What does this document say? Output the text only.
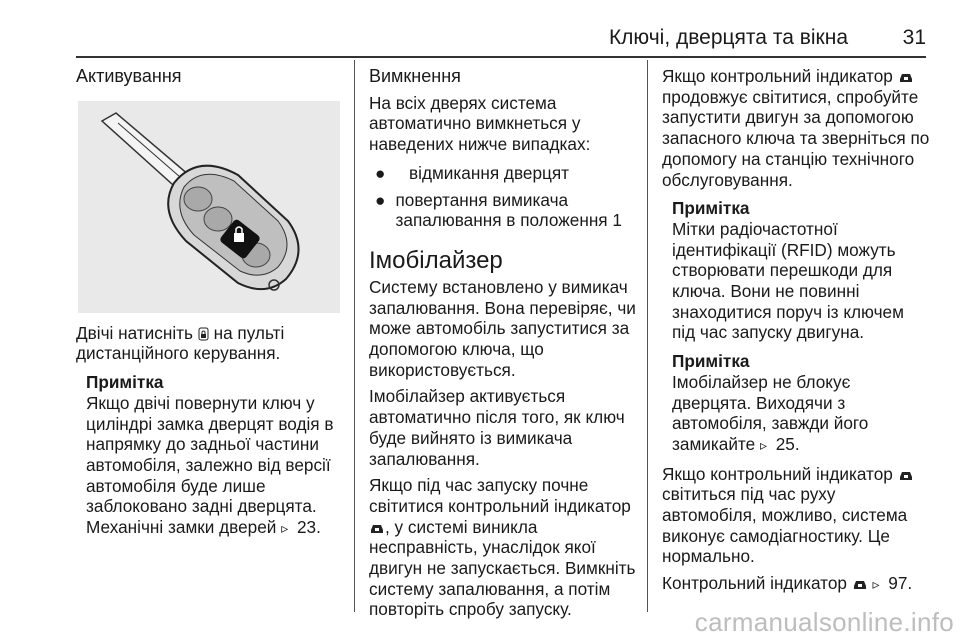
Ключі, дверцята та вікна	31

Активування

Двічі натисніть на пульті дистанційного керування.

Примітка

Якщо двічі повернути ключ у циліндрі замка дверцят водія в напрямку до задньої частини автомобіля, залежно від версії автомобіля буде лише заблоковано задні дверцята. Механічні замки дверей ▹ 23.

Вимкнення

На всіх дверях система автоматично вимкнеться у наведених нижче випадках:

●	відмикання дверцят
● повертання вимикача запалювання в положення 1

Імобілайзер

Систему встановлено у вимикач запалювання. Вона перевіряє, чи може автомобіль запуститися за допомогою ключа, що використовується.

Імобілайзер активується автоматично після того, як ключ буде вийнято із вимикача запалювання.

Якщо під час запуску почне світитися контрольний індикатор , у системі виникла несправність, унаслідок якої двигун не запускається. Вимкніть систему запалювання, а потім повторіть спробу запуску.

Якщо контрольний індикатор  продовжує світитися, спробуйте запустити двигун за допомогою запасного ключа та зверніться по допомогу на станцію технічного обслуговування.

Примітка

Мітки радіочастотної ідентифікації (RFID) можуть створювати перешкоди для ключа. Вони не повинні знаходитися поруч із ключем під час запуску двигуна.

Примітка

Імобілайзер не блокує дверцята. Виходячи з автомобіля, завжди його замикайте ▹ 25.

Якщо контрольний індикатор  світиться під час руху автомобіля, можливо, система виконує самодіагностику. Це нормально.

Контрольний індикатор ▹ 97.

carmanualsonline.info
